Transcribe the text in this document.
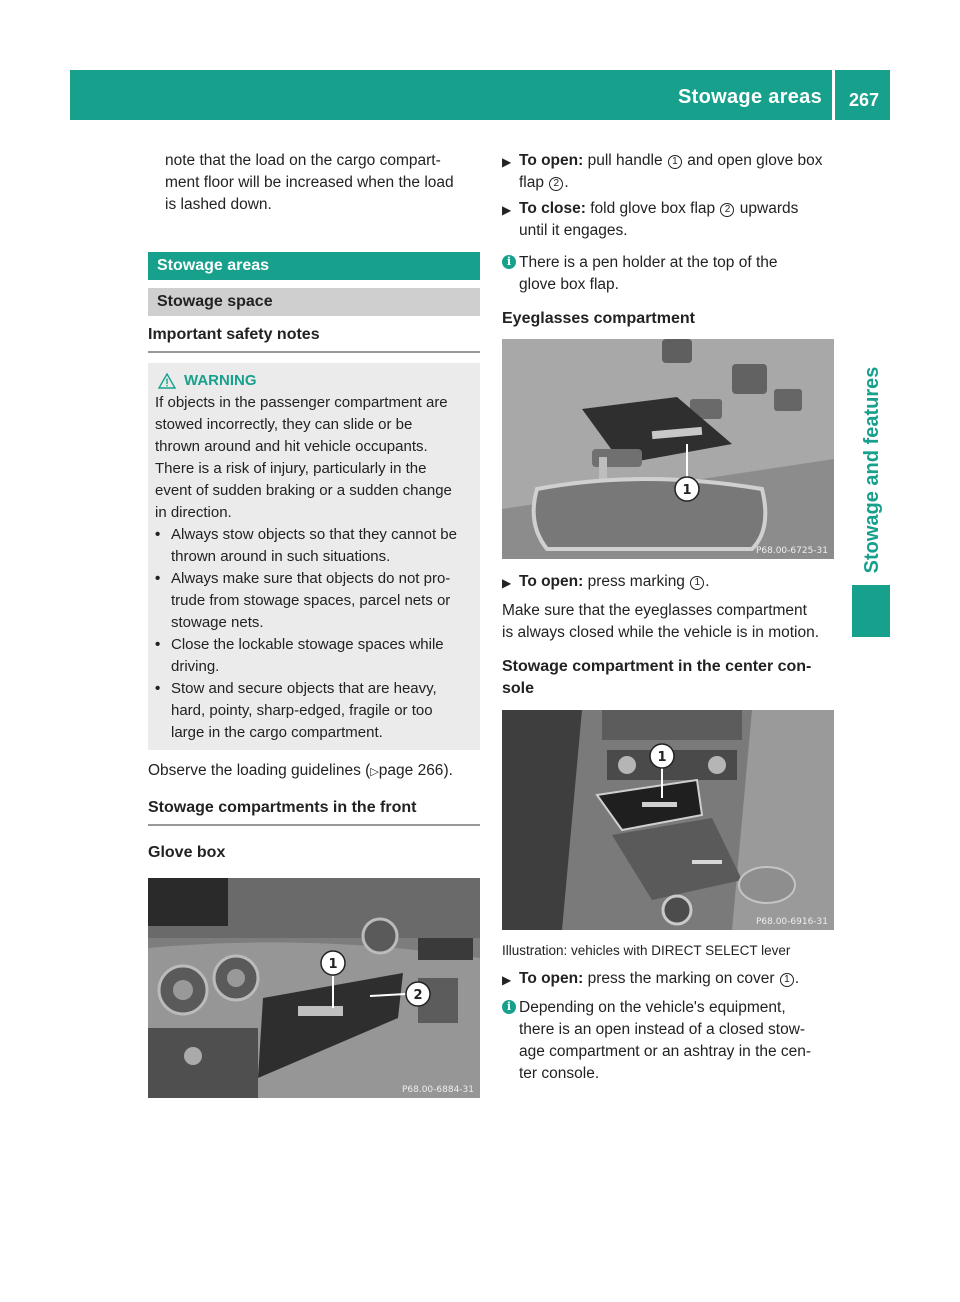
Stowage areas	267
Stowage and features

note that the load on the cargo compart-

ment floor will be increased when the load

is lashed down.

Stowage areas
Stowage space
Important safety notes
WARNING

If objects in the passenger compartment are

stowed incorrectly, they can slide or be

thrown around and hit vehicle occupants.

There is a risk of injury, particularly in the

event of sudden braking or a sudden change

in direction.

• Always stow objects so that they cannot be

thrown around in such situations.

• Always make sure that objects do not pro-

trude from stowage spaces, parcel nets or

stowage nets.

• Close the lockable stowage spaces while

driving.

• Stow and secure objects that are heavy,

hard, pointy, sharp-edged, fragile or too

large in the cargo compartment.

Observe the loading guidelines (▷page 266).

Stowage compartments in the front
Glove box
1
2
P68.00-6884-31
▶ To open: pull handle 1 and open glove box

flap 2 .

▶ To close: fold glove box flap 2 upwards

until it engages.

i There is a pen holder at the top of the

glove box flap.

Eyeglasses compartment
1
P68.00-6725-31
▶ To open: press marking 1 .

Make sure that the eyeglasses compartment

is always closed while the vehicle is in motion.

Stowage compartment in the center con-

sole

1
P68.00-6916-31

Illustration: vehicles with DIRECT SELECT lever

▶ To open: press the marking on cover 1 .

i Depending on the vehicle's equipment,

there is an open instead of a closed stow-

age compartment or an ashtray in the cen-

ter console.
